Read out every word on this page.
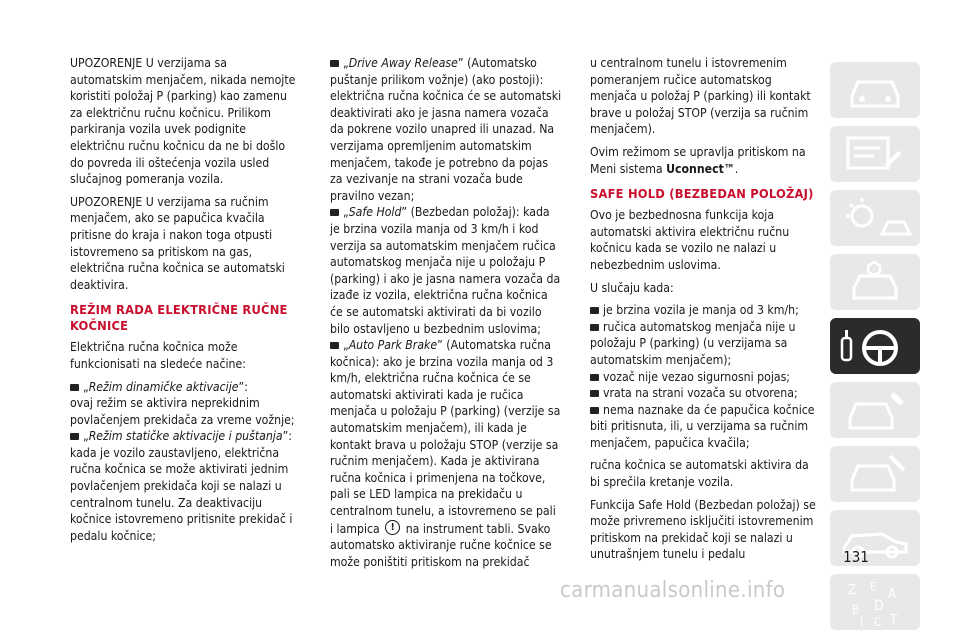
UPOZORENJE U verzijama sa automatskim menjačem, nikada nemojte koristiti položaj P (parking) kao zamenu za električnu ručnu kočnicu. Prilikom parkiranja vozila uvek podignite električnu ručnu kočnicu da ne bi došlo do povreda ili oštećenja vozila usled slučajnog pomeranja vozila.

UPOZORENJE U verzijama sa ručnim menjačem, ako se papučica kvačila pritisne do kraja i nakon toga otpusti istovremeno sa pritiskom na gas, električna ručna kočnica se automatski deaktivira.

REŽIM RADA ELEKTRIČNE RUČNE KOČNICE

Električna ručna kočnica može funkcionisati na sledeće načine:

„Režim dinamičke aktivacije”:
ovaj režim se aktivira neprekidnim povlačenjem prekidača za vreme vožnje;
„Režim statičke aktivacije i puštanja”:
kada je vozilo zaustavljeno, električna ručna kočnica se može aktivirati jednim povlačenjem prekidača koji se nalazi u centralnom tunelu. Za deaktivaciju kočnice istovremeno pritisnite prekidač i pedalu kočnice;
„Drive Away Release” (Automatsko puštanje prilikom vožnje) (ako postoji): električna ručna kočnica će se automatski deaktivirati ako je jasna namera vozača da pokrene vozilo unapred ili unazad. Na verzijama opremljenim automatskim menjačem, takođe je potrebno da pojas za vezivanje na strani vozača bude pravilno vezan;
„Safe Hold” (Bezbedan položaj): kada je brzina vozila manja od 3 km/h i kod verzija sa automatskim menjačem ručica automatskog menjača nije u položaju P (parking) i ako je jasna namera vozača da izađe iz vozila, električna ručna kočnica će se automatski aktivirati da bi vozilo bilo ostavljeno u bezbednim uslovima;
„Auto Park Brake” (Automatska ručna kočnica): ako je brzina vozila manja od 3 km/h, električna ručna kočnica će se automatski aktivirati kada je ručica menjača u položaju P (parking) (verzije sa automatskim menjačem), ili kada je kontakt brava u položaju STOP (verzije sa ručnim menjačem). Kada je aktivirana ručna kočnica i primenjena na točkove, pali se LED lampica na prekidaču u centralnom tunelu, a istovremeno se pali i lampica ! na instrument tabli. Svako automatsko aktiviranje ručne kočnice se može poništiti pritiskom na prekidač

u centralnom tunelu i istovremenim pomeranjem ručice automatskog menjača u položaj P (parking) ili kontakt brave u položaj STOP (verzija sa ručnim menjačem).

Ovim režimom se upravlja pritiskom na Meni sistema Uconnect™.

SAFE HOLD (BEZBEDAN POLOŽAJ)

Ovo je bezbednosna funkcija koja automatski aktivira električnu ručnu kočnicu kada se vozilo ne nalazi u nebezbednim uslovima.

U slučaju kada:

je brzina vozila je manja od 3 km/h;
ručica automatskog menjača nije u položaju P (parking) (u verzijama sa automatskim menjačem);
vozač nije vezao sigurnosni pojas;
vrata na strani vozača su otvorena;
nema naznake da će papučica kočnice biti pritisnuta, ili, u verzijama sa ručnim menjačem, papučica kvačila;

ručna kočnica se automatski aktivira da bi sprečila kretanje vozila.

Funkcija Safe Hold (Bezbedan položaj) se može privremeno isključiti istovremenim pritiskom na prekidač koji se nalazi u unutrašnjem tunelu i pedalu

Z E
A
B D
I C T
131
carmanualsonline.info
